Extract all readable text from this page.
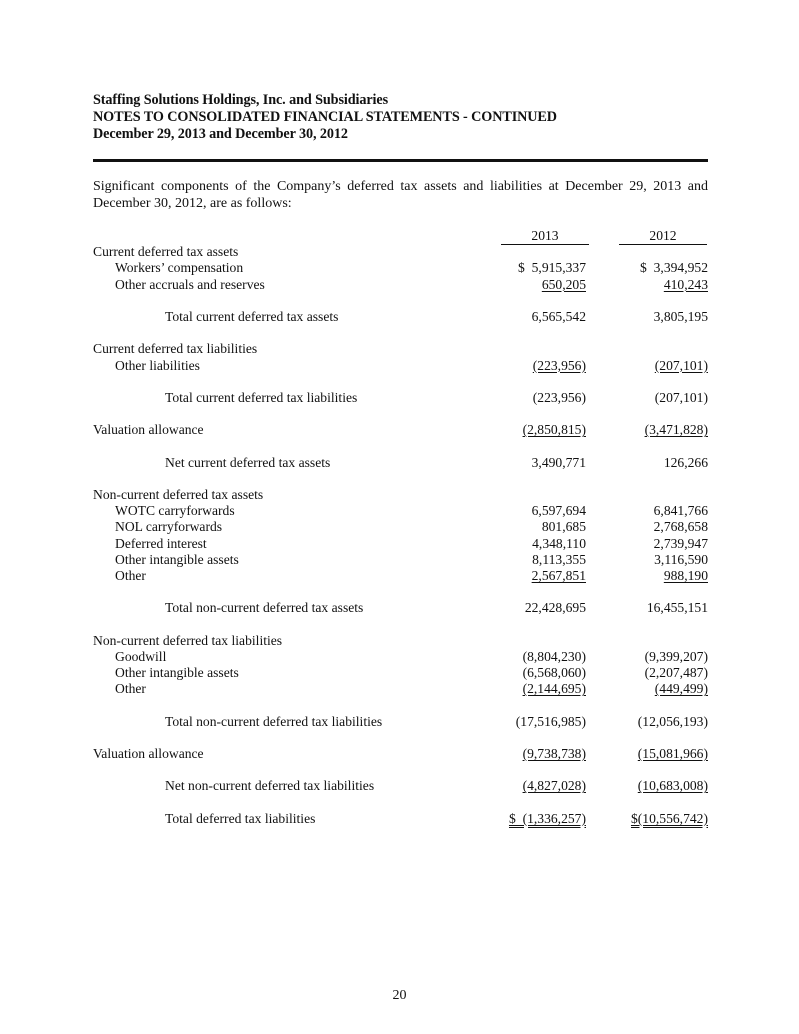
Staffing Solutions Holdings, Inc. and Subsidiaries
NOTES TO CONSOLIDATED FINANCIAL STATEMENTS - CONTINUED
December 29, 2013 and December 30, 2012
Significant components of the Company’s deferred tax assets and liabilities at December 29, 2013 and December 30, 2012, are as follows:
2013	2012
Current deferred tax assets
Workers’ compensation	$  5,915,337	$  3,394,952
Other accruals and reserves	650,205	410,243
Total current deferred tax assets	6,565,542	3,805,195
Current deferred tax liabilities
Other liabilities	(223,956)	(207,101)
Total current deferred tax liabilities	(223,956)	(207,101)
Valuation allowance	(2,850,815)	(3,471,828)
Net current deferred tax assets	3,490,771	126,266
Non-current deferred tax assets
WOTC carryforwards	6,597,694	6,841,766
NOL carryforwards	801,685	2,768,658
Deferred interest	4,348,110	2,739,947
Other intangible assets	8,113,355	3,116,590
Other	2,567,851	988,190
Total non-current deferred tax assets	22,428,695	16,455,151
Non-current deferred tax liabilities
Goodwill	(8,804,230)	(9,399,207)
Other intangible assets	(6,568,060)	(2,207,487)
Other	(2,144,695)	(449,499)
Total non-current deferred tax liabilities	(17,516,985)	(12,056,193)
Valuation allowance	(9,738,738)	(15,081,966)
Net non-current deferred tax liabilities	(4,827,028)	(10,683,008)
Total deferred tax liabilities	$  (1,336,257)	$(10,556,742)
20
